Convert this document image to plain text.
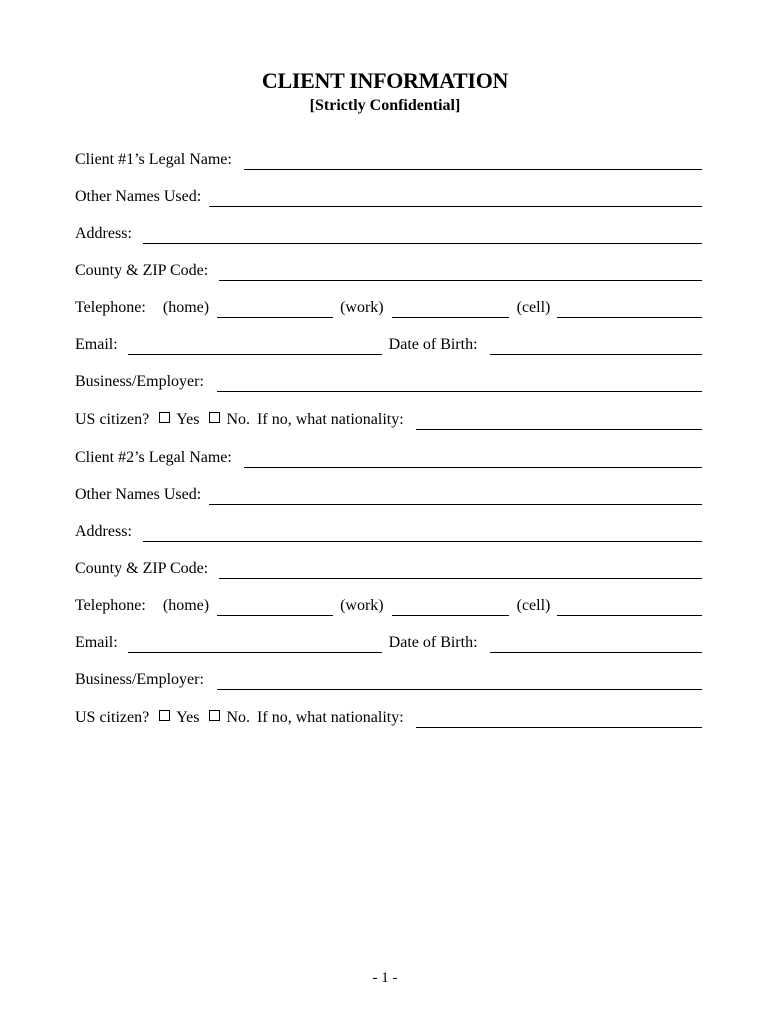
CLIENT INFORMATION
[Strictly Confidential]
Client #1’s Legal Name:
Other Names Used:
Address:
County & ZIP Code:
Telephone: (home)	(work)	(cell)
Email:	Date of Birth:
Business/Employer:
US citizen? Yes No. If no, what nationality:
Client #2’s Legal Name:
Other Names Used:
Address:
County & ZIP Code:
Telephone: (home)	(work)	(cell)
Email:	Date of Birth:
Business/Employer:
US citizen? Yes No. If no, what nationality:
- 1 -
